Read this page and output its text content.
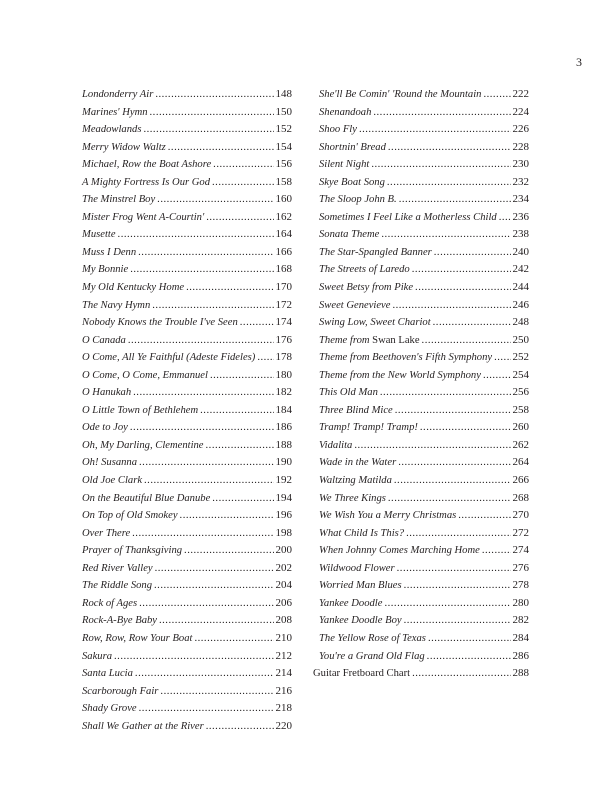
3
Londonderry Air .....	148
Marines' Hymn .....	150
Meadowlands .....	152
Merry Widow Waltz .....	154
Michael, Row the Boat Ashore .....	156
A Mighty Fortress Is Our God .....	158
The Minstrel Boy .....	160
Mister Frog Went A-Courtin' .....	162
Musette .....	164
Muss I Denn .....	166
My Bonnie .....	168
My Old Kentucky Home .....	170
The Navy Hymn .....	172
Nobody Knows the Trouble I've Seen .....	174
O Canada .....	176
O Come, All Ye Faithful (Adeste Fideles) ..... 178
O Come, O Come, Emmanuel .....	180
O Hanukah .....	182
O Little Town of Bethlehem .....	184
Ode to Joy .....	186
Oh, My Darling, Clementine .....	188
Oh! Susanna .....	190
Old Joe Clark .....	192
On the Beautiful Blue Danube .....	194
On Top of Old Smokey .....	196
Over There .....	198
Prayer of Thanksgiving .....	200
Red River Valley .....	202
The Riddle Song .....	204
Rock of Ages .....	206
Rock-A-Bye Baby .....	208
Row, Row, Row Your Boat .....	210
Sakura .....	212
Santa Lucia .....	214
Scarborough Fair .....	216
Shady Grove .....	218
Shall We Gather at the River .....	220
She'll Be Comin' 'Round the Mountain .....	222
Shenandoah .....	224
Shoo Fly .....	226
Shortnin' Bread .....	228
Silent Night .....	230
Skye Boat Song .....	232
The Sloop John B. .....	234
Sometimes I Feel Like a Motherless Child ..... 236
Sonata Theme .....	238
The Star-Spangled Banner .....	240
The Streets of Laredo .....	242
Sweet Betsy from Pike .....	244
Sweet Genevieve .....	246
Swing Low, Sweet Chariot .....	248
Theme from Swan Lake .....	250
Theme from Beethoven's Fifth Symphony ..... 252
Theme from the New World Symphony .....	254
This Old Man .....	256
Three Blind Mice .....	258
Tramp! Tramp! Tramp! .....	260
Vidalita .....	262
Wade in the Water .....	264
Waltzing Matilda .....	266
We Three Kings .....	268
We Wish You a Merry Christmas .....	270
What Child Is This? .....	272
When Johnny Comes Marching Home .....	274
Wildwood Flower .....	276
Worried Man Blues .....	278
Yankee Doodle .....	280
Yankee Doodle Boy .....	282
The Yellow Rose of Texas .....	284
You're a Grand Old Flag .....	286
Guitar Fretboard Chart .....	288
